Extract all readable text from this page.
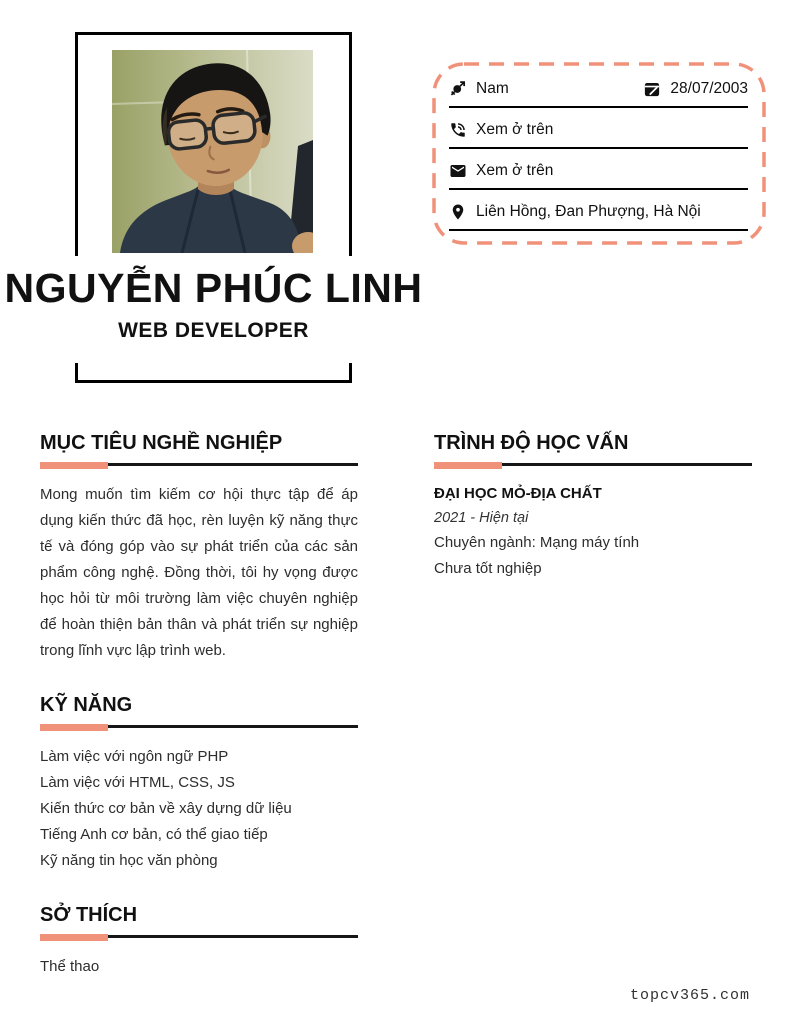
NGUYỄN PHÚC LINH
WEB DEVELOPER
Nam	28/07/2003
Xem ở trên
Xem ở trên
Liên Hồng, Đan Phượng, Hà Nội
MỤC TIÊU NGHỀ NGHIỆP
Mong muốn tìm kiếm cơ hội thực tập để áp dụng kiến thức đã học, rèn luyện kỹ năng thực tế và đóng góp vào sự phát triển của các sản phẩm công nghệ. Đồng thời, tôi hy vọng được học hỏi từ môi trường làm việc chuyên nghiệp để hoàn thiện bản thân và phát triển sự nghiệp trong lĩnh vực lập trình web.
KỸ NĂNG
Làm việc với ngôn ngữ PHP
Làm việc với HTML, CSS, JS
Kiến thức cơ bản về xây dựng dữ liệu
Tiếng Anh cơ bản, có thể giao tiếp
Kỹ năng tin học văn phòng
SỞ THÍCH
Thể thao
TRÌNH ĐỘ HỌC VẤN
ĐẠI HỌC MỎ-ĐỊA CHẤT
2021 - Hiện tại
Chuyên ngành: Mạng máy tính
Chưa tốt nghiệp
topcv365.com
